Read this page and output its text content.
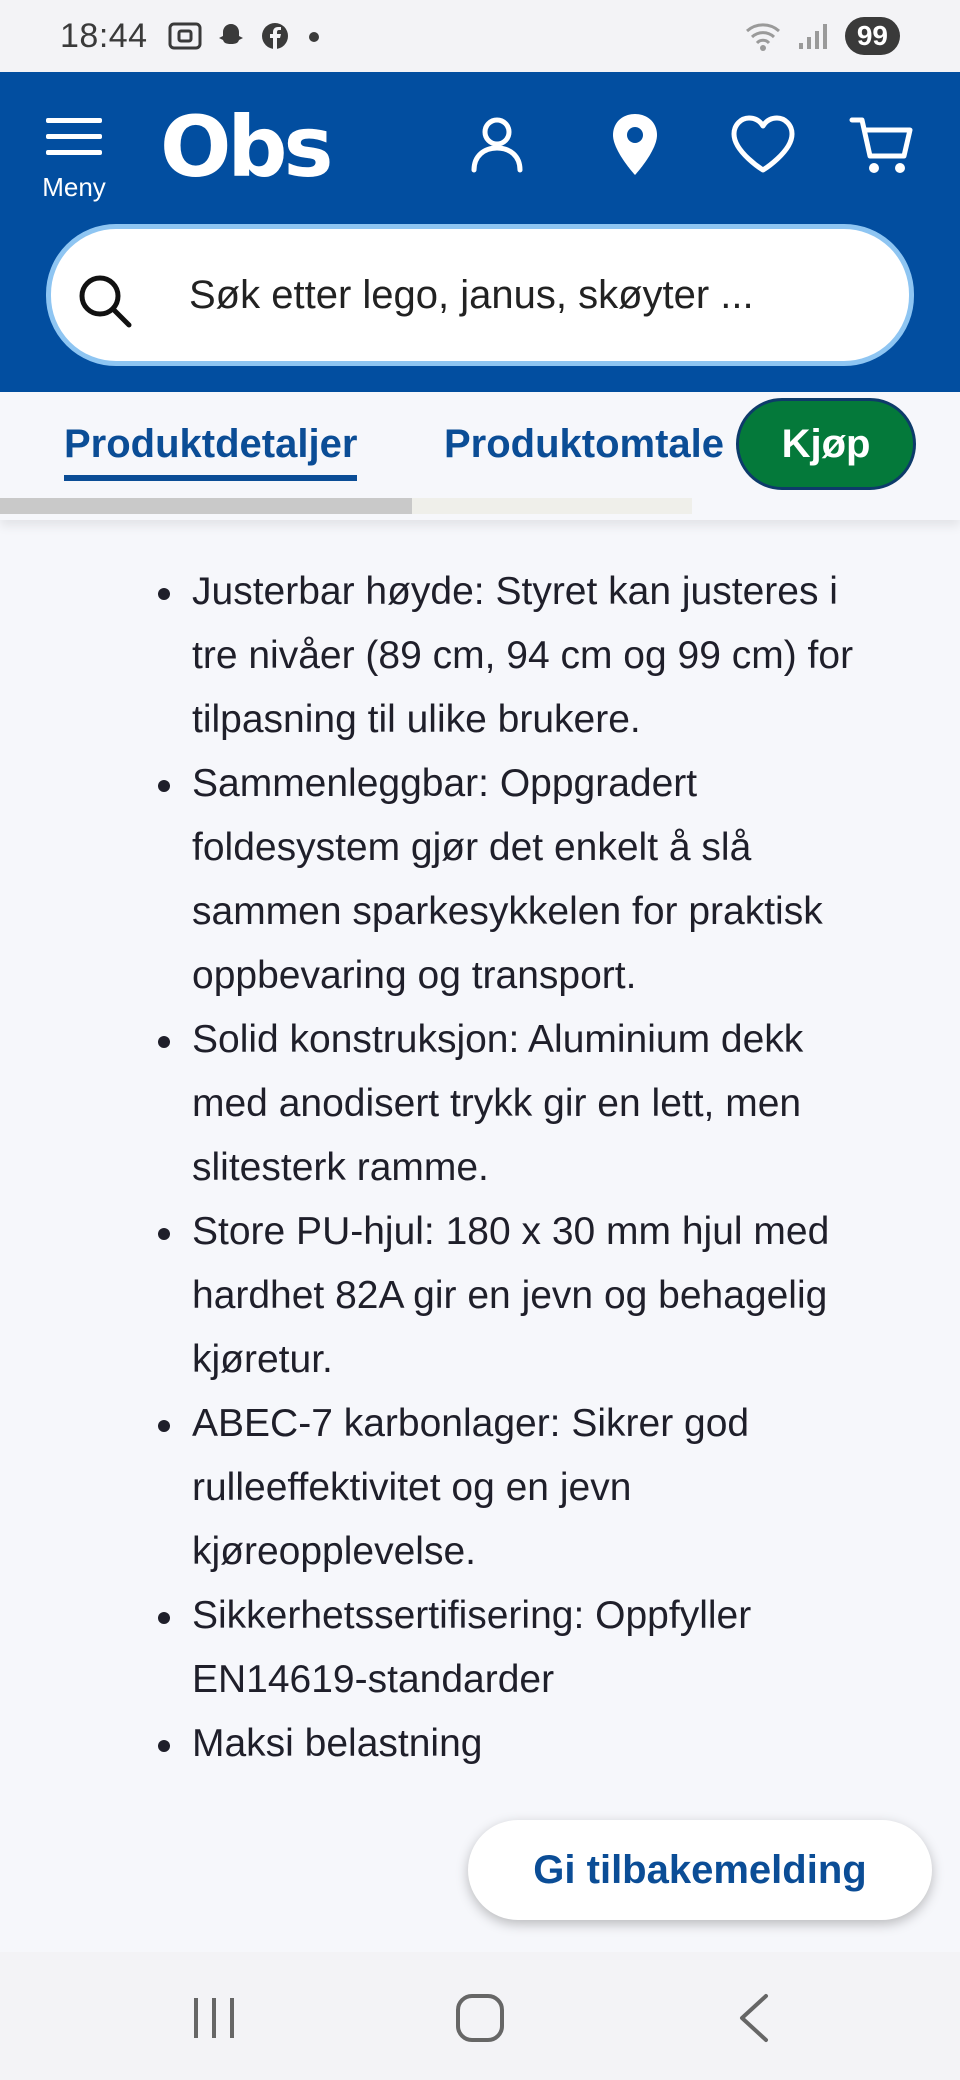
18:44	99
Meny Obs
Søk etter lego, janus, skøyter ...
Produktdetaljer Produktomtale	Kjøp
Justerbar høyde: Styret kan justeres i tre nivåer (89 cm, 94 cm og 99 cm) for tilpasning til ulike brukere.
Sammenleggbar: Oppgradert foldesystem gjør det enkelt å slå sammen sparkesykkelen for praktisk oppbevaring og transport.
Solid konstruksjon: Aluminium dekk med anodisert trykk gir en lett, men slitesterk ramme.
Store PU-hjul: 180 x 30 mm hjul med hardhet 82A gir en jevn og behagelig kjøretur.
ABEC-7 karbonlager: Sikrer god rulleeffektivitet og en jevn kjøreopplevelse.
Sikkerhetssertifisering: Oppfyller EN14619-standarder
Maksi belastning
Gi tilbakemelding
